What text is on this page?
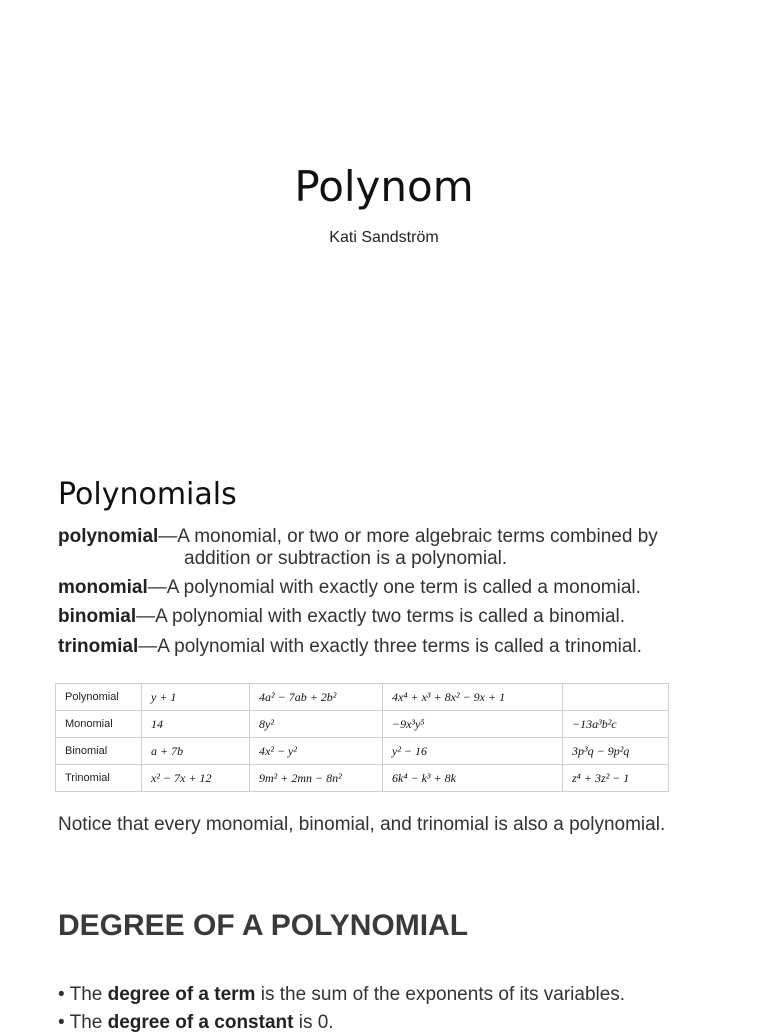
Polynom
Kati Sandström
Polynomials
polynomial—A monomial, or two or more algebraic terms combined by
addition or subtraction is a polynomial.
monomial—A polynomial with exactly one term is called a monomial.
binomial—A polynomial with exactly two terms is called a binomial.
trinomial—A polynomial with exactly three terms is called a trinomial.
Polynomial	y + 1	4a² − 7ab + 2b²	4x⁴ + x³ + 8x² − 9x + 1	
Monomial	14	8y²	−9x³y⁵	−13a³b²c
Binomial	a + 7b	4x² − y²	y² − 16	3p³q − 9p²q
Trinomial	x² − 7x + 12	9m² + 2mn − 8n²	6k⁴ − k³ + 8k	z⁴ + 3z² − 1
Notice that every monomial, binomial, and trinomial is also a polynomial.
DEGREE OF A POLYNOMIAL
• The degree of a term is the sum of the exponents of its variables.
• The degree of a constant is 0.
